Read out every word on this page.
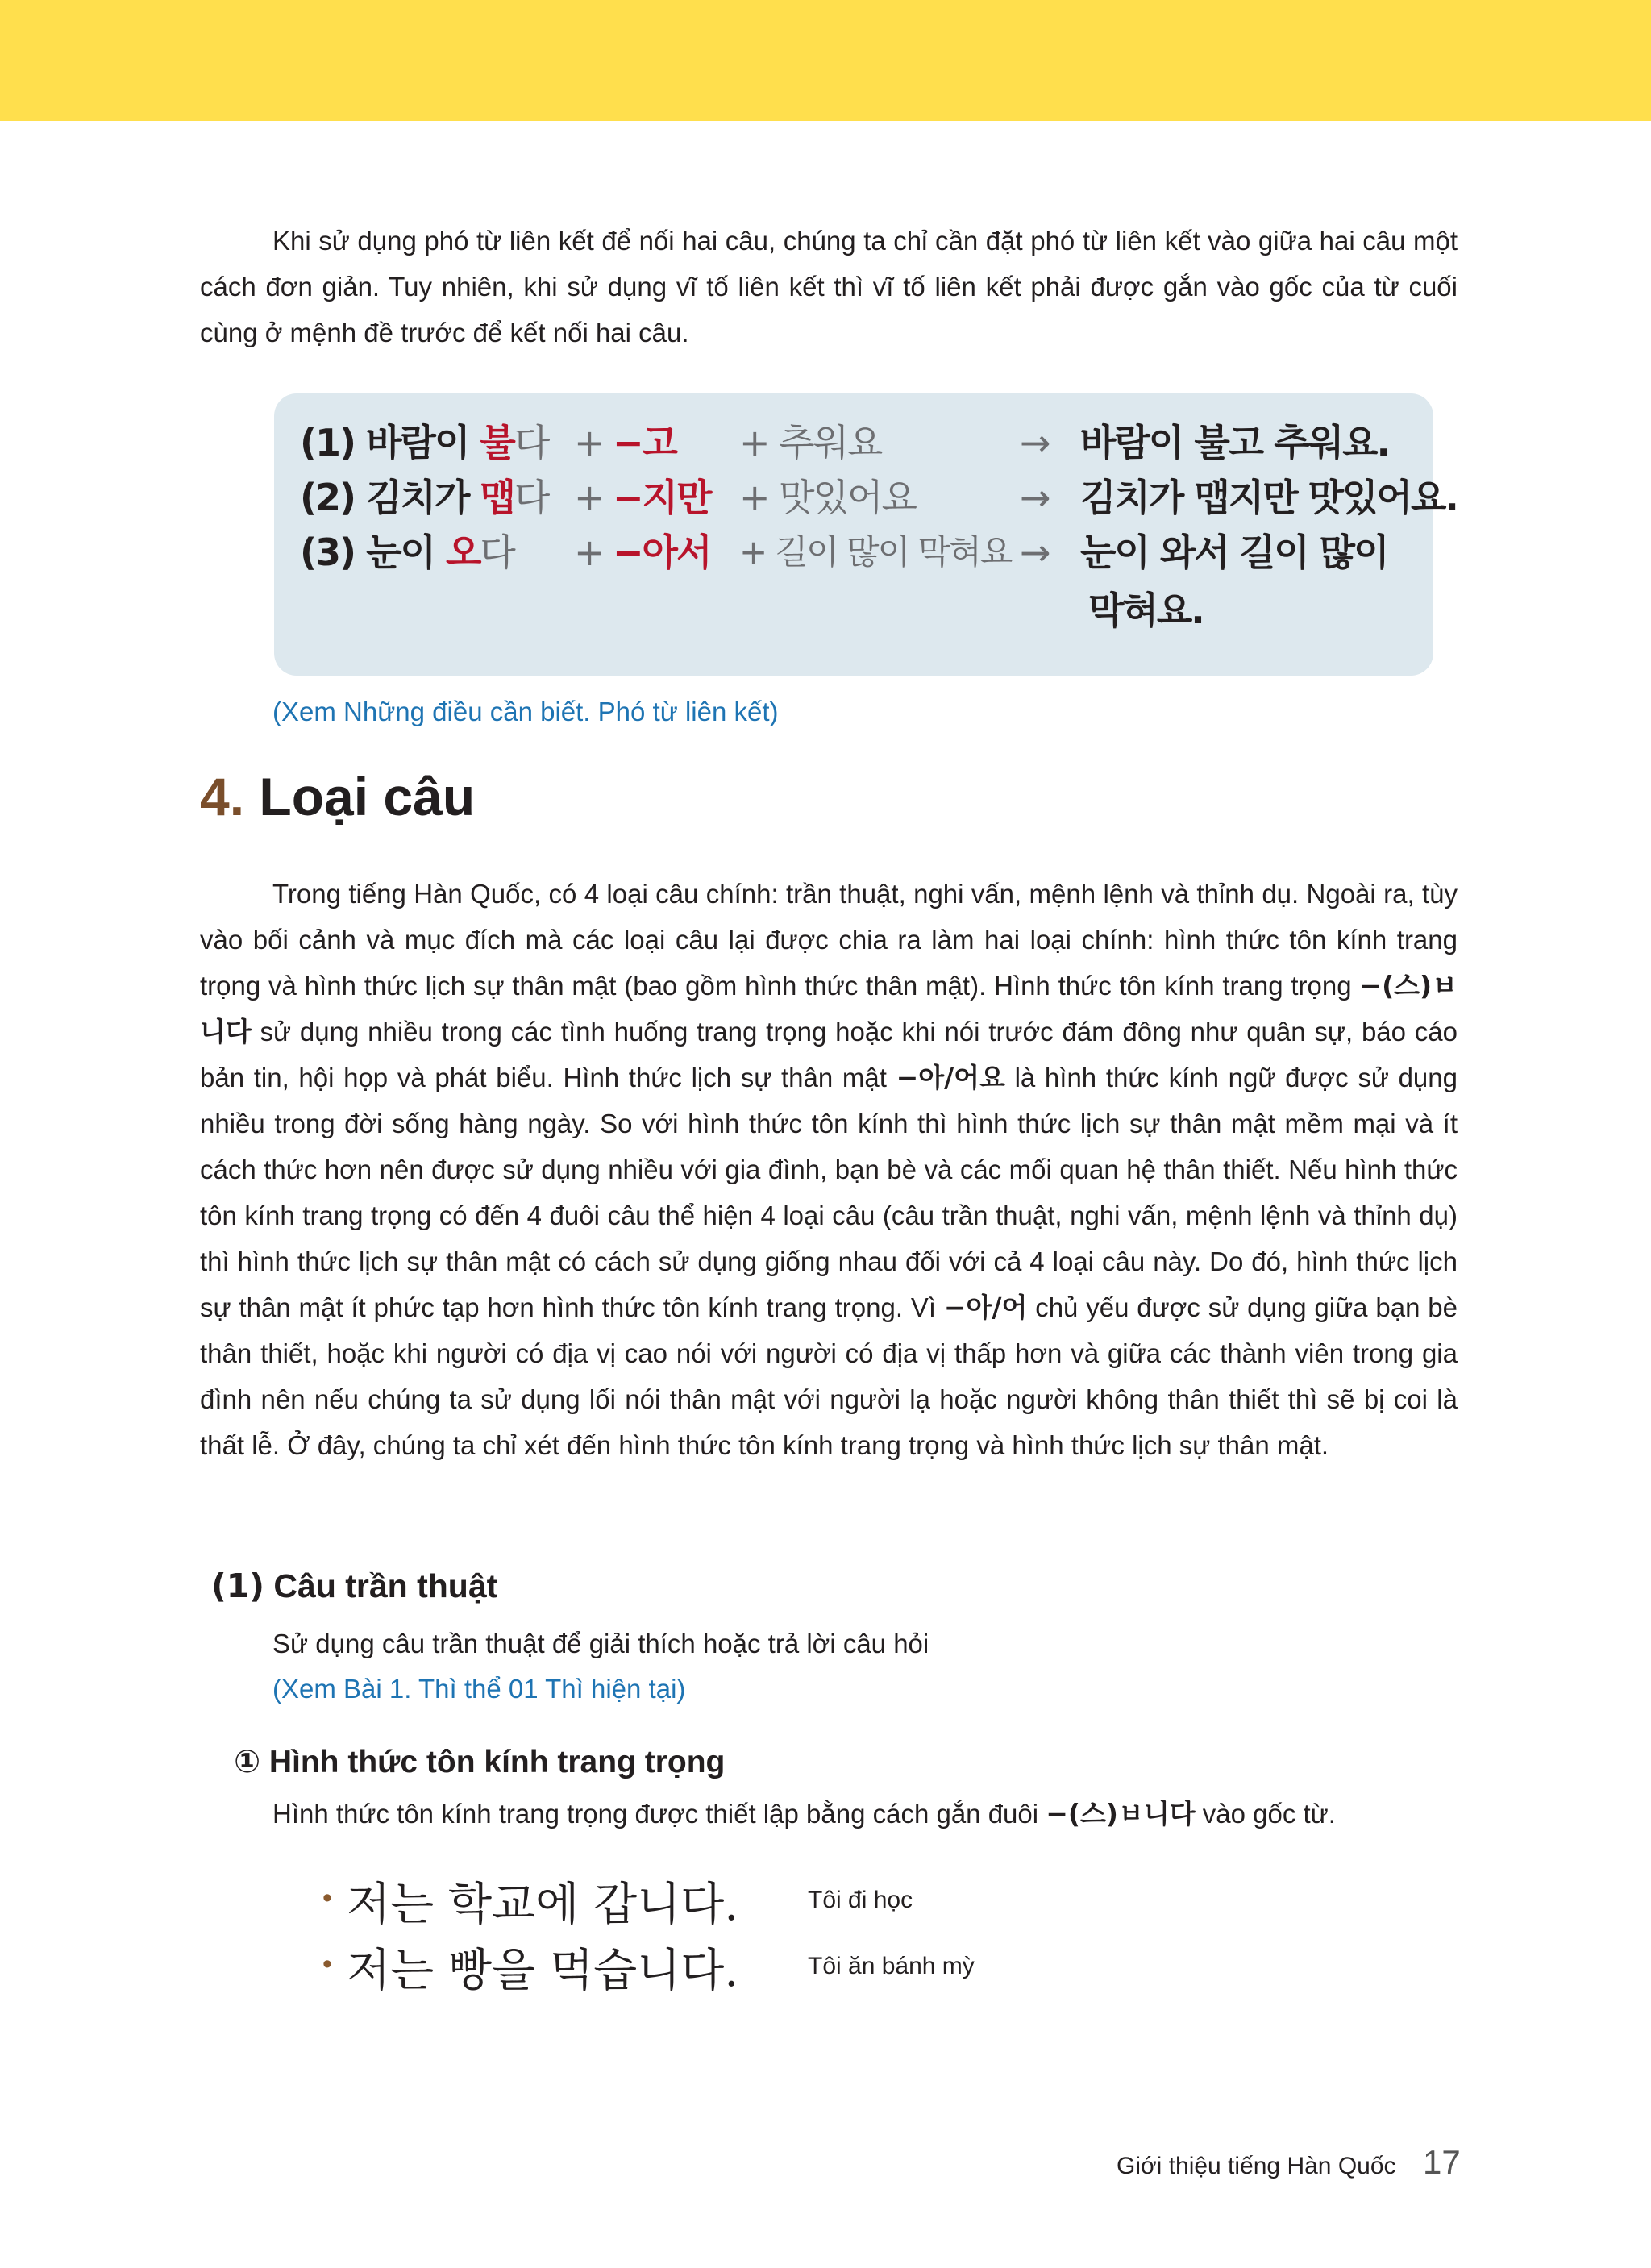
Khi sử dụng phó từ liên kết để nối hai câu, chúng ta chỉ cần đặt phó từ liên kết vào giữa hai câu một cách đơn giản. Tuy nhiên, khi sử dụng vĩ tố liên kết thì vĩ tố liên kết phải được gắn vào gốc của từ cuối cùng ở mệnh đề trước để kết nối hai câu.

(1) 바람이 불다 + −고 + 추워요	→ 바람이 불고 추워요.
(2) 김치가 맵다 + −지만 + 맛있어요	→ 김치가 맵지만 맛있어요.
(3) 눈이 오다 + −아서 + 길이 많이 막혀요 → 눈이 와서 길이 많이
막혀요.
(Xem Những điều cần biết. Phó từ liên kết)
4. Loại câu

Trong tiếng Hàn Quốc, có 4 loại câu chính: trần thuật, nghi vấn, mệnh lệnh và thỉnh dụ. Ngoài ra, tùy vào bối cảnh và mục đích mà các loại câu lại được chia ra làm hai loại chính: hình thức tôn kính trang trọng và hình thức lịch sự thân mật (bao gồm hình thức thân mật). Hình thức tôn kính trang trọng −(스)ㅂ니다 sử dụng nhiều trong các tình huống trang trọng hoặc khi nói trước đám đông như quân sự, báo cáo bản tin, hội họp và phát biểu. Hình thức lịch sự thân mật −아/어요 là hình thức kính ngữ được sử dụng nhiều trong đời sống hàng ngày. So với hình thức tôn kính thì hình thức lịch sự thân mật mềm mại và ít cách thức hơn nên được sử dụng nhiều với gia đình, bạn bè và các mối quan hệ thân thiết. Nếu hình thức tôn kính trang trọng có đến 4 đuôi câu thể hiện 4 loại câu (câu trần thuật, nghi vấn, mệnh lệnh và thỉnh dụ) thì hình thức lịch sự thân mật có cách sử dụng giống nhau đối với cả 4 loại câu này. Do đó, hình thức lịch sự thân mật ít phức tạp hơn hình thức tôn kính trang trọng. Vì −아/어 chủ yếu được sử dụng giữa bạn bè thân thiết, hoặc khi người có địa vị cao nói với người có địa vị thấp hơn và giữa các thành viên trong gia đình nên nếu chúng ta sử dụng lối nói thân mật với người lạ hoặc người không thân thiết thì sẽ bị coi là thất lễ. Ở đây, chúng ta chỉ xét đến hình thức tôn kính trang trọng và hình thức lịch sự thân mật.

(1) Câu trần thuật
Sử dụng câu trần thuật để giải thích hoặc trả lời câu hỏi
(Xem Bài 1. Thì thể 01 Thì hiện tại)
① Hình thức tôn kính trang trọng
Hình thức tôn kính trang trọng được thiết lập bằng cách gắn đuôi −(스)ㅂ니다 vào gốc từ.
• 저는 학교에 갑니다.	Tôi đi học
• 저는 빵을 먹습니다.	Tôi ăn bánh mỳ
Giới thiệu tiếng Hàn Quốc 17
